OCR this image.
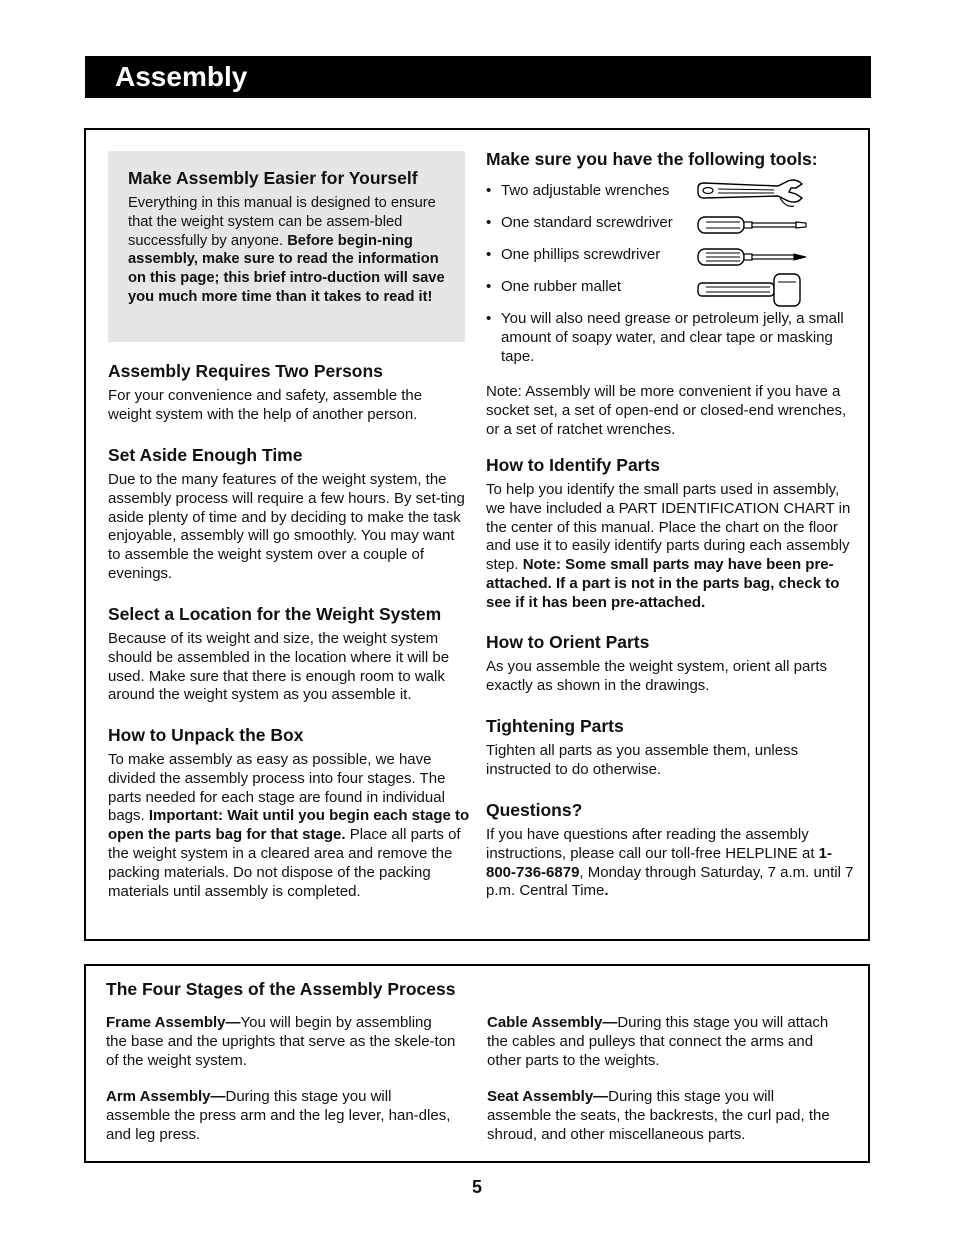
Assembly
Make Assembly Easier for Yourself

Everything in this manual is designed to ensure that the weight system can be assem-bled successfully by anyone. Before begin-ning assembly, make sure to read the information on this page; this brief intro-duction will save you much more time than it takes to read it!

Assembly Requires Two Persons

For your convenience and safety, assemble the weight system with the help of another person.

Set Aside Enough Time

Due to the many features of the weight system, the assembly process will require a few hours. By set-ting aside plenty of time and by deciding to make the task enjoyable, assembly will go smoothly. You may want to assemble the weight system over a couple of evenings.

Select a Location for the Weight System

Because of its weight and size, the weight system should be assembled in the location where it will be used. Make sure that there is enough room to walk around the weight system as you assemble it.

How to Unpack the Box

To make assembly as easy as possible, we have divided the assembly process into four stages. The parts needed for each stage are found in individual bags. Important: Wait until you begin each stage to open the parts bag for that stage. Place all parts of the weight system in a cleared area and remove the packing materials. Do not dispose of the packing materials until assembly is completed.

Make sure you have the following tools:
• Two adjustable wrenches
• One standard screwdriver
• One phillips screwdriver
• One rubber mallet
• You will also need grease or petroleum jelly, a small amount of soapy water, and clear tape or masking tape.

Note: Assembly will be more convenient if you have a socket set, a set of open-end or closed-end wrenches, or a set of ratchet wrenches.

How to Identify Parts

To help you identify the small parts used in assembly, we have included a PART IDENTIFICATION CHART in the center of this manual. Place the chart on the floor and use it to easily identify parts during each assembly step. Note: Some small parts may have been pre-attached. If a part is not in the parts bag, check to see if it has been pre-attached.

How to Orient Parts

As you assemble the weight system, orient all parts exactly as shown in the drawings.

Tightening Parts

Tighten all parts as you assemble them, unless instructed to do otherwise.

Questions?

If you have questions after reading the assembly instructions, please call our toll-free HELPLINE at 1-800-736-6879, Monday through Saturday, 7 a.m. until 7 p.m. Central Time.

The Four Stages of the Assembly Process

Frame Assembly—You will begin by assembling the base and the uprights that serve as the skele-ton of the weight system.

Cable Assembly—During this stage you will attach the cables and pulleys that connect the arms and other parts to the weights.

Arm Assembly—During this stage you will assemble the press arm and the leg lever, han-dles, and leg press.

Seat Assembly—During this stage you will assemble the seats, the backrests, the curl pad, the shroud, and other miscellaneous parts.

5
